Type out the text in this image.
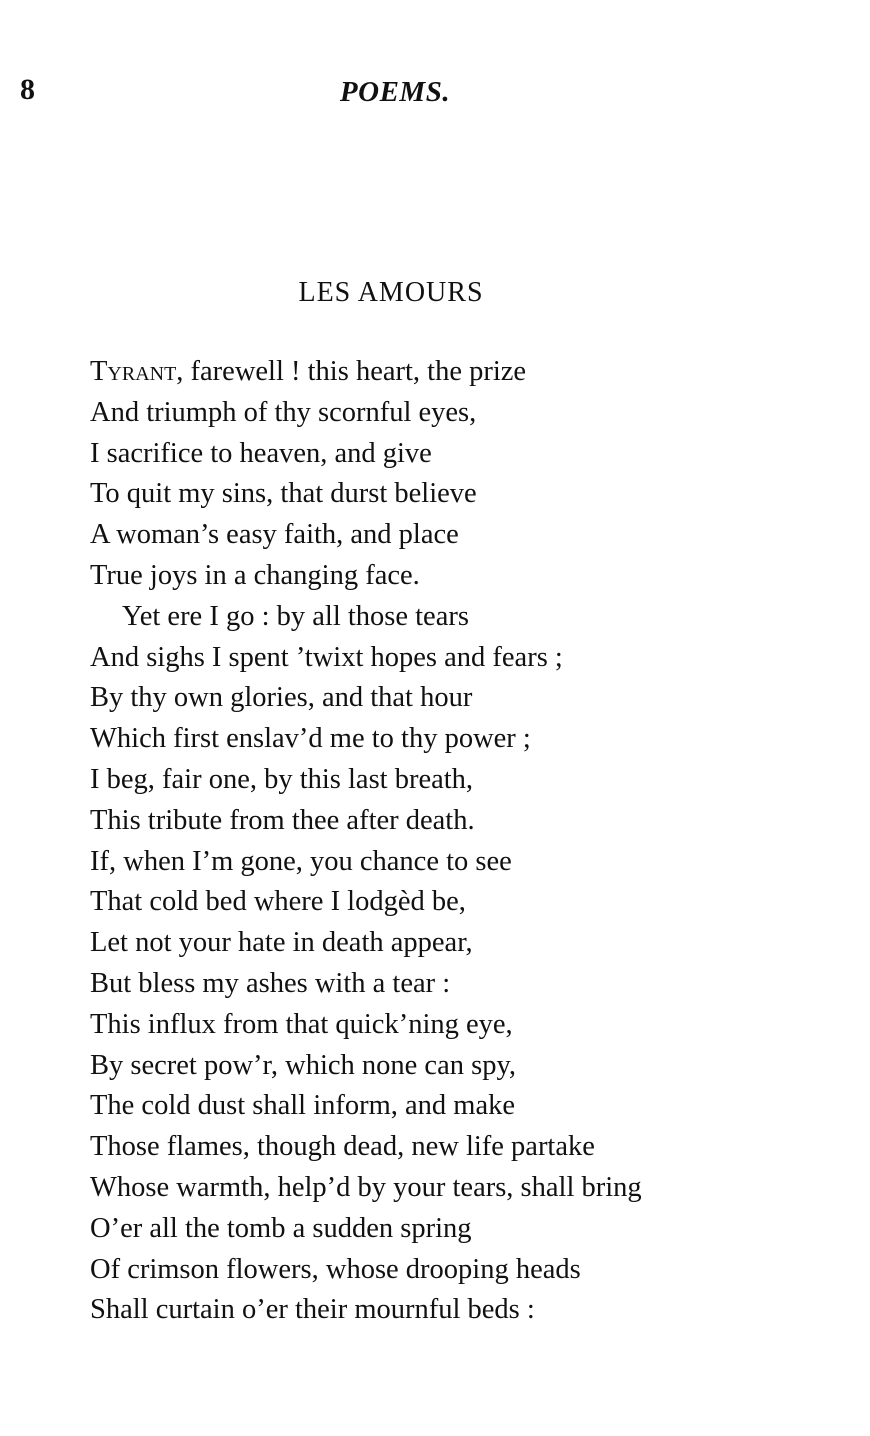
8	POEMS.
LES AMOURS
Tyrant, farewell ! this heart, the prize
And triumph of thy scornful eyes,
I sacrifice to heaven, and give
To quit my sins, that durst believe
A woman’s easy faith, and place
True joys in a changing face.
Yet ere I go : by all those tears
And sighs I spent ’twixt hopes and fears ;
By thy own glories, and that hour
Which first enslav’d me to thy power ;
I beg, fair one, by this last breath,
This tribute from thee after death.
If, when I’m gone, you chance to see
That cold bed where I lodgèd be,
Let not your hate in death appear,
But bless my ashes with a tear :
This influx from that quick’ning eye,
By secret pow’r, which none can spy,
The cold dust shall inform, and make
Those flames, though dead, new life partake
Whose warmth, help’d by your tears, shall bring
O’er all the tomb a sudden spring
Of crimson flowers, whose drooping heads
Shall curtain o’er their mournful beds :
